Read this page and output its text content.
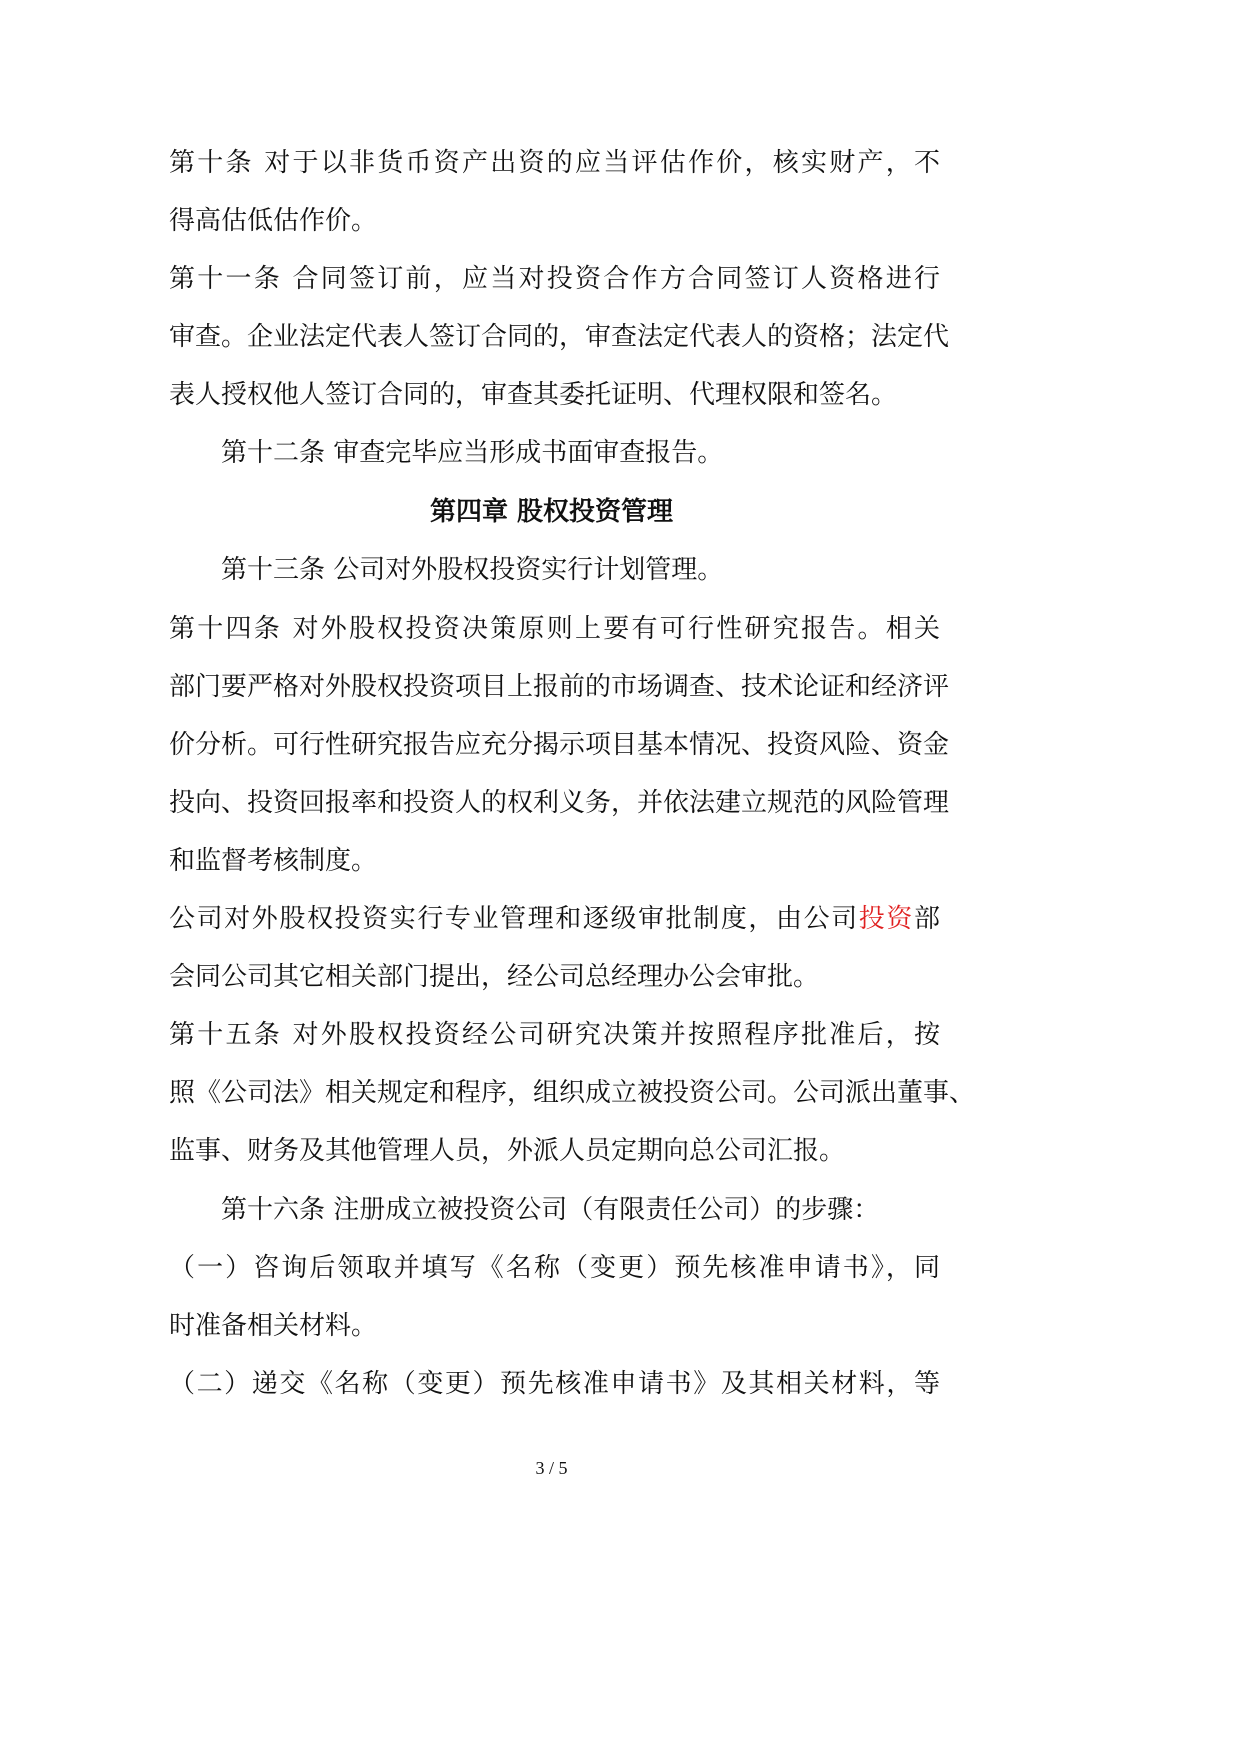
第十条 对于以非货币资产出资的应当评估作价，核实财产，不
得高估低估作价。
第十一条 合同签订前，应当对投资合作方合同签订人资格进行
审查。企业法定代表人签订合同的，审查法定代表人的资格；法定代
表人授权他人签订合同的，审查其委托证明、代理权限和签名。
第十二条 审查完毕应当形成书面审查报告。
第四章 股权投资管理
第十三条 公司对外股权投资实行计划管理。
第十四条 对外股权投资决策原则上要有可行性研究报告。相关
部门要严格对外股权投资项目上报前的市场调查、技术论证和经济评
价分析。可行性研究报告应充分揭示项目基本情况、投资风险、资金
投向、投资回报率和投资人的权利义务，并依法建立规范的风险管理
和监督考核制度。
公司对外股权投资实行专业管理和逐级审批制度，由公司投资部
会同公司其它相关部门提出，经公司总经理办公会审批。
第十五条 对外股权投资经公司研究决策并按照程序批准后，按
照《公司法》相关规定和程序，组织成立被投资公司。公司派出董事、
监事、财务及其他管理人员，外派人员定期向总公司汇报。
第十六条 注册成立被投资公司（有限责任公司）的步骤：
（一）咨询后领取并填写《名称（变更）预先核准申请书》，同
时准备相关材料。
（二）递交《名称（变更）预先核准申请书》及其相关材料，等
3 / 5
